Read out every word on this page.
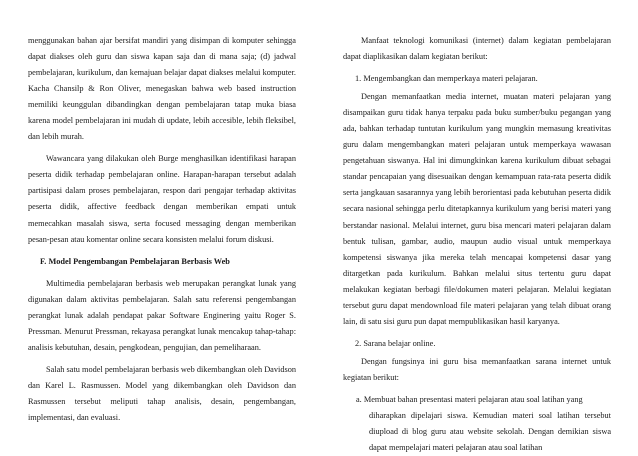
menggunakan bahan ajar bersifat mandiri yang disimpan di komputer sehingga dapat diakses oleh guru dan siswa kapan saja dan di mana saja; (d) jadwal pembelajaran, kurikulum, dan kemajuan belajar dapat diakses melalui komputer. Kacha Chansilp & Ron Oliver, menegaskan bahwa web based instruction memiliki keunggulan dibandingkan dengan pembelajaran tatap muka biasa karena model pembelajaran ini mudah di update, lebih accesible, lebih fleksibel, dan lebih murah.

Wawancara yang dilakukan oleh Burge menghasilkan identifikasi harapan peserta didik terhadap pembelajaran online. Harapan-harapan tersebut adalah partisipasi dalam proses pembelajaran, respon dari pengajar terhadap aktivitas peserta didik, affective feedback dengan memberikan empati untuk memecahkan masalah siswa, serta focused messaging dengan memberikan pesan-pesan atau komentar online secara konsisten melalui forum diskusi.

F. Model Pengembangan Pembelajaran Berbasis Web

Multimedia pembelajaran berbasis web merupakan perangkat lunak yang digunakan dalam aktivitas pembelajaran. Salah satu referensi pengembangan perangkat lunak adalah pendapat pakar Software Enginering yaitu Roger S. Pressman. Menurut Pressman, rekayasa perangkat lunak mencakup tahap-tahap: analisis kebutuhan, desain, pengkodean, pengujian, dan pemeliharaan.

Salah satu model pembelajaran berbasis web dikembangkan oleh Davidson dan Karel L. Rasmussen. Model yang dikembangkan oleh Davidson dan Rasmussen tersebut meliputi tahap analisis, desain, pengembangan, implementasi, dan evaluasi.

Manfaat teknologi komunikasi (internet) dalam kegiatan pembelajaran dapat diaplikasikan dalam kegiatan berikut:

1. Mengembangkan dan memperkaya materi pelajaran.

Dengan memanfaatkan media internet, muatan materi pelajaran yang disampaikan guru tidak hanya terpaku pada buku sumber/buku pegangan yang ada, bahkan terhadap tuntutan kurikulum yang mungkin memasung kreativitas guru dalam mengembangkan materi pelajaran untuk memperkaya wawasan pengetahuan siswanya. Hal ini dimungkinkan karena kurikulum dibuat sebagai standar pencapaian yang disesuaikan dengan kemampuan rata-rata peserta didik serta jangkauan sasarannya yang lebih berorientasi pada kebutuhan peserta didik secara nasional sehingga perlu ditetapkannya kurikulum yang berisi materi yang berstandar nasional. Melalui internet, guru bisa mencari materi pelajaran dalam bentuk tulisan, gambar, audio, maupun audio visual untuk memperkaya kompetensi siswanya jika mereka telah mencapai kompetensi dasar yang ditargetkan pada kurikulum. Bahkan melalui situs tertentu guru dapat melakukan kegiatan berbagi file/dokumen materi pelajaran. Melalui kegiatan tersebut guru dapat mendownload file materi pelajaran yang telah dibuat orang lain, di satu sisi guru pun dapat mempublikasikan hasil karyanya.

2. Sarana belajar online.

Dengan fungsinya ini guru bisa memanfaatkan sarana internet untuk kegiatan berikut:

a. Membuat bahan presentasi materi pelajaran atau soal latihan yang

diharapkan dipelajari siswa. Kemudian materi soal latihan tersebut diupload di blog guru atau website sekolah. Dengan demikian siswa dapat mempelajari materi pelajaran atau soal latihan
